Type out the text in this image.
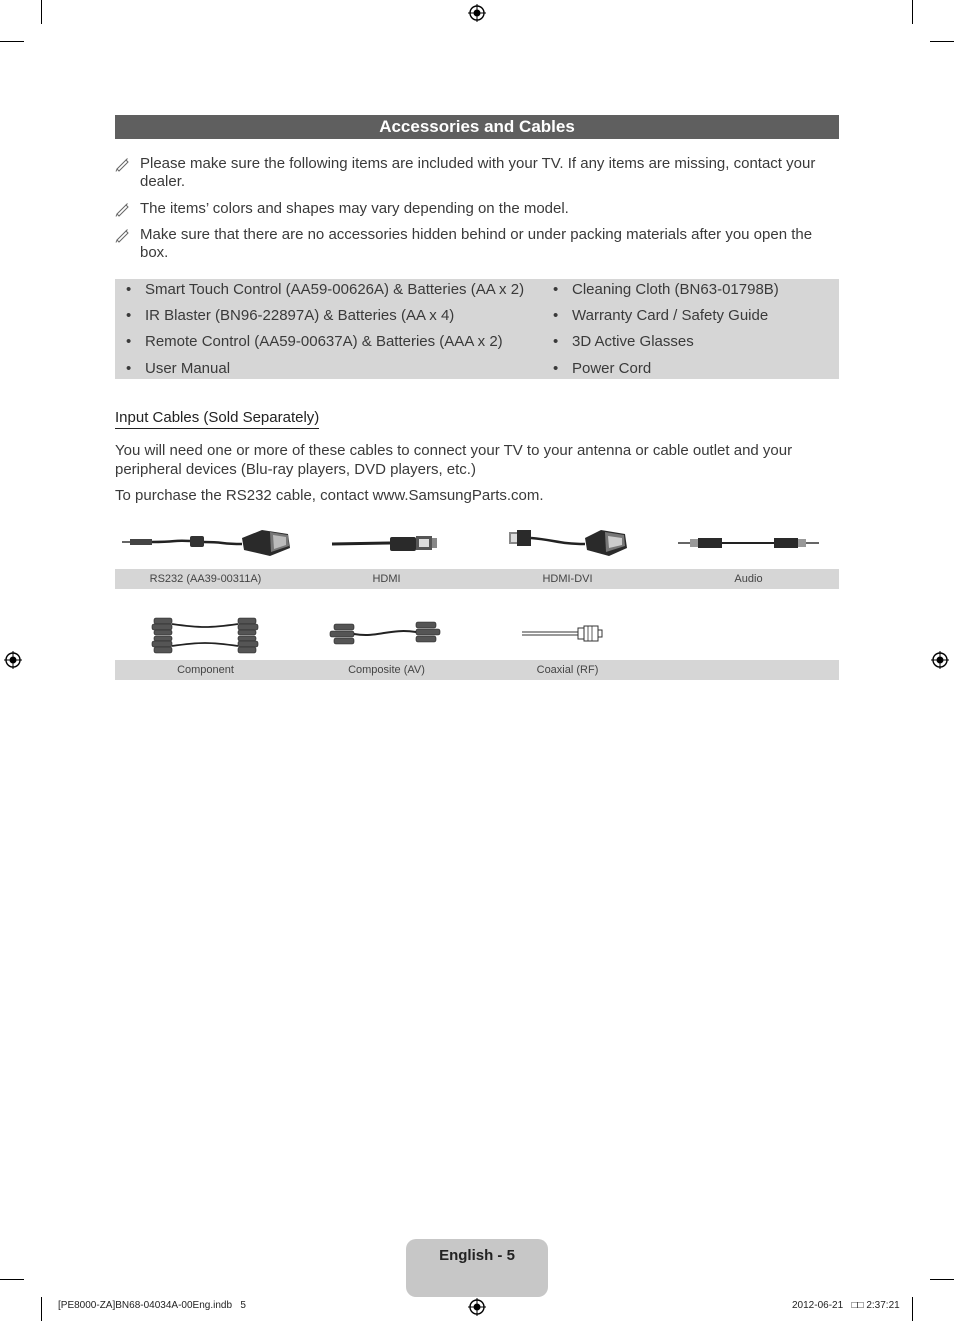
Accessories and Cables
Please make sure the following items are included with your TV. If any items are missing, contact your dealer.
The items’ colors and shapes may vary depending on the model.
Make sure that there are no accessories hidden behind or under packing materials after you open the box.
• Smart Touch Control (AA59-00626A) & Batteries (AA x 2)
• IR Blaster (BN96-22897A) & Batteries (AA x 4)
• Remote Control (AA59-00637A) & Batteries (AAA x 2)
• User Manual
• Cleaning Cloth (BN63-01798B)
• Warranty Card / Safety Guide
• 3D Active Glasses
• Power Cord
Input Cables (Sold Separately)
You will need one or more of these cables to connect your TV to your antenna or cable outlet and your peripheral devices (Blu-ray players, DVD players, etc.)
To purchase the RS232 cable, contact www.SamsungParts.com.
RS232 (AA39-00311A)	HDMI	HDMI-DVI	Audio
Component	Composite (AV)	Coaxial (RF)
English - 5
[PE8000-ZA]BN68-04034A-00Eng.indb   5	2012-06-21   □□ 2:37:21
